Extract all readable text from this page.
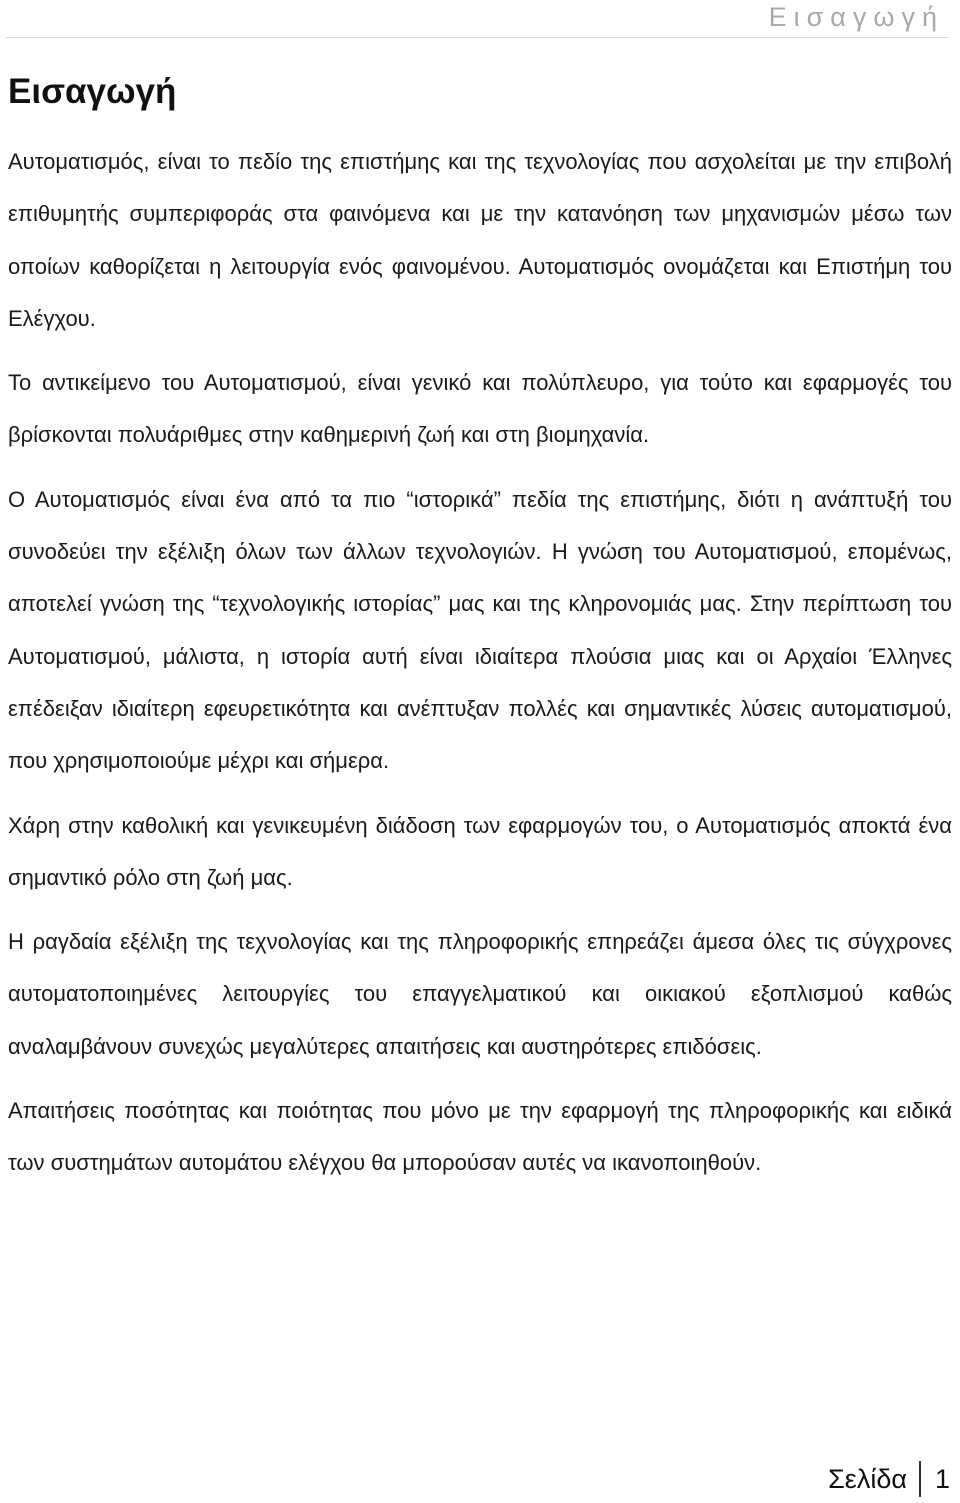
Εισαγωγή
Εισαγωγή

Αυτοματισμός, είναι το πεδίο της επιστήμης και της τεχνολογίας που ασχολείται με την επιβολή επιθυμητής συμπεριφοράς στα φαινόμενα και με την κατανόηση των μηχανισμών μέσω των οποίων καθορίζεται η λειτουργία ενός φαινομένου. Αυτοματισμός ονομάζεται και Επιστήμη του Ελέγχου.

Το αντικείμενο του Αυτοματισμού, είναι γενικό και πολύπλευρο, για τούτο και εφαρμογές του βρίσκονται πολυάριθμες στην καθημερινή ζωή και στη βιομηχανία.

Ο Αυτοματισμός είναι ένα από τα πιο “ιστορικά” πεδία της επιστήμης, διότι η ανάπτυξή του συνοδεύει την εξέλιξη όλων των άλλων τεχνολογιών. Η γνώση του Αυτοματισμού, επομένως, αποτελεί γνώση της “τεχνολογικής ιστορίας” μας και της κληρονομιάς μας. Στην περίπτωση του Αυτοματισμού, μάλιστα, η ιστορία αυτή είναι ιδιαίτερα πλούσια μιας και οι Αρχαίοι Έλληνες επέδειξαν ιδιαίτερη εφευρετικότητα και ανέπτυξαν πολλές και σημαντικές λύσεις αυτοματισμού, που χρησιμοποιούμε μέχρι και σήμερα.

Χάρη στην καθολική και γενικευμένη διάδοση των εφαρμογών του, ο Αυτοματισμός αποκτά ένα σημαντικό ρόλο στη ζωή μας.

Η ραγδαία εξέλιξη της τεχνολογίας και της πληροφορικής επηρεάζει άμεσα όλες τις σύγχρονες αυτοματοποιημένες λειτουργίες του επαγγελματικού και οικιακού εξοπλισμού καθώς αναλαμβάνουν συνεχώς μεγαλύτερες απαιτήσεις και αυστηρότερες επιδόσεις.

Απαιτήσεις ποσότητας και ποιότητας που μόνο με την εφαρμογή της πληροφορικής και ειδικά των συστημάτων αυτομάτου ελέγχου θα μπορούσαν αυτές να ικανοποιηθούν.

Σελίδα 1
